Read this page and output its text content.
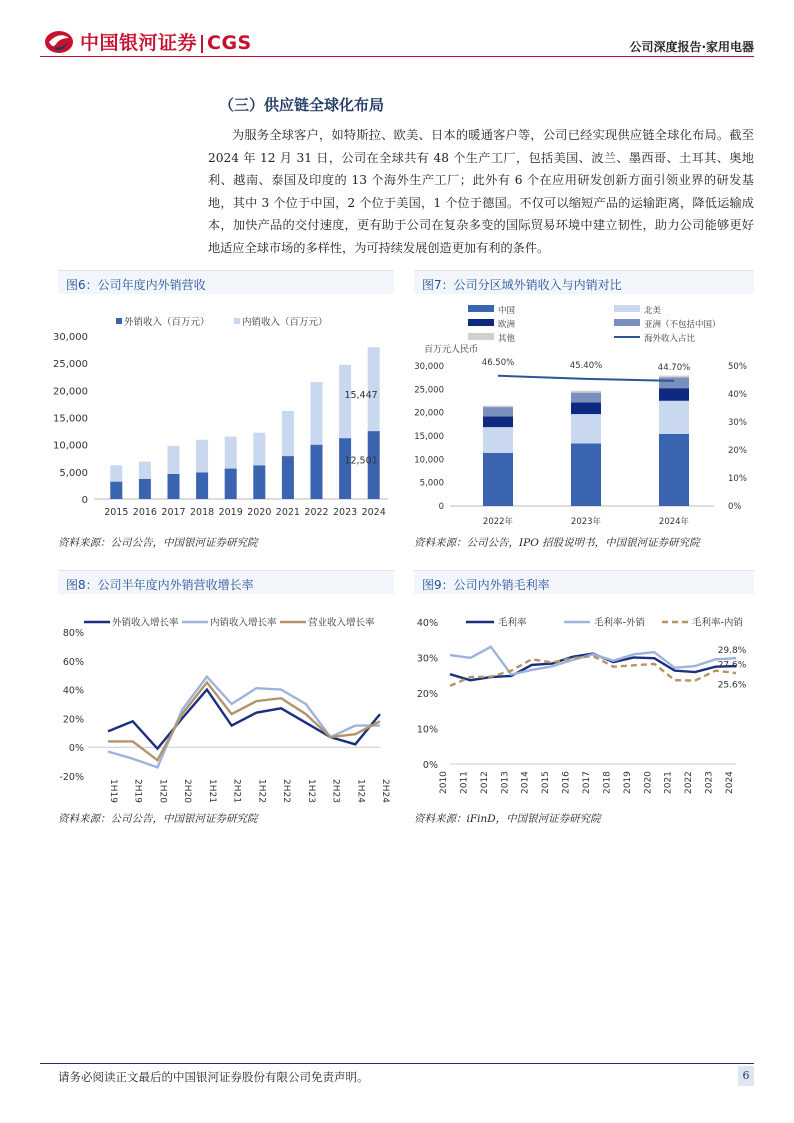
中国银河证券 CGS	公司深度报告·家用电器
（三）供应链全球化布局
为服务全球客户，如特斯拉、欧美、日本的暖通客户等，公司已经实现供应链全球化布局。截至 2024 年 12 月 31 日，公司在全球共有 48 个生产工厂，包括美国、波兰、墨西哥、土耳其、奥地利、越南、泰国及印度的 13 个海外生产工厂；此外有 6 个在应用研发创新方面引领业界的研发基地，其中 3 个位于中国，2 个位于美国，1 个位于德国。不仅可以缩短产品的运输距离，降低运输成本，加快产品的交付速度，更有助于公司在复杂多变的国际贸易环境中建立韧性，助力公司能够更好地适应全球市场的多样性，为可持续发展创造更加有利的条件。
图6：公司年度内外销营收	图7：公司分区域外销收入与内销对比
图8：公司半年度内外销营收增长率	图9：公司内外销毛利率
0
5,000
10,000
15,000
20,000
25,000
30,000
2015 2016 2017 2018 2019 2020 2021 2022 2023 2024
外销收入（百万元）	内销收入（百万元）
15,447
12,501
中国	北美
欧洲	亚洲（不包括中国）
其他	海外收入占比
百万元人民币
0
5,000
10,000
15,000
20,000
25,000
30,000
0%
10%
20%
30%
40%
50%
2022年	2023年	2024年
46.50%	45.40%	44.70%
-20%
0%
20%
40%
60%
80%
1H19 2H19 1H20 2H20 1H21 2H21 1H22 2H22 1H23 2H23 1H24 2H24
外销收入增长率	内销收入增长率	营业收入增长率
0%
10%
20%
30%
40%
2010 2011 2012 2013 2014 2015 2016 2017 2018 2019 2020 2021 2022 2023 2024
毛利率	毛利率-外销	毛利率-内销
29.8%
27.6%
25.6%
资料来源：公司公告，中国银河证券研究院	资料来源：公司公告，IPO 招股说明书，中国银河证券研究院
资料来源：公司公告，中国银河证券研究院	资料来源：iFinD，中国银河证券研究院
请务必阅读正文最后的中国银河证券股份有限公司免责声明。	6
